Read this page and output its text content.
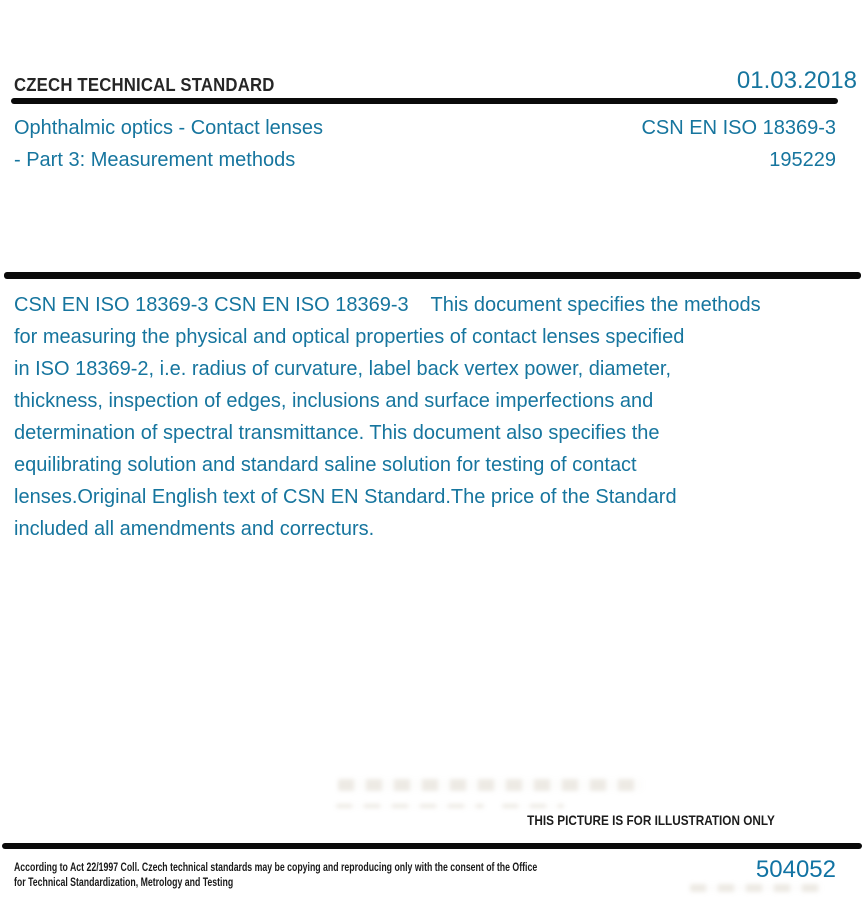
CZECH TECHNICAL STANDARD	01.03.2018
Ophthalmic optics - Contact lenses
- Part 3: Measurement methods
CSN EN ISO 18369-3
195229
CSN EN ISO 18369-3 CSN EN ISO 18369-3    This document specifies the methods
for measuring the physical and optical properties of contact lenses specified
in ISO 18369-2, i.e. radius of curvature, label back vertex power, diameter,
thickness, inspection of edges, inclusions and surface imperfections and
determination of spectral transmittance. This document also specifies the
equilibrating solution and standard saline solution for testing of contact
lenses.Original English text of CSN EN Standard.The price of the Standard
included all amendments and correcturs.
THIS PICTURE IS FOR ILLUSTRATION ONLY
According to Act 22/1997 Coll. Czech technical standards may be copying and reproducing only with the consent of the Office
for Technical Standardization, Metrology and Testing	504052
